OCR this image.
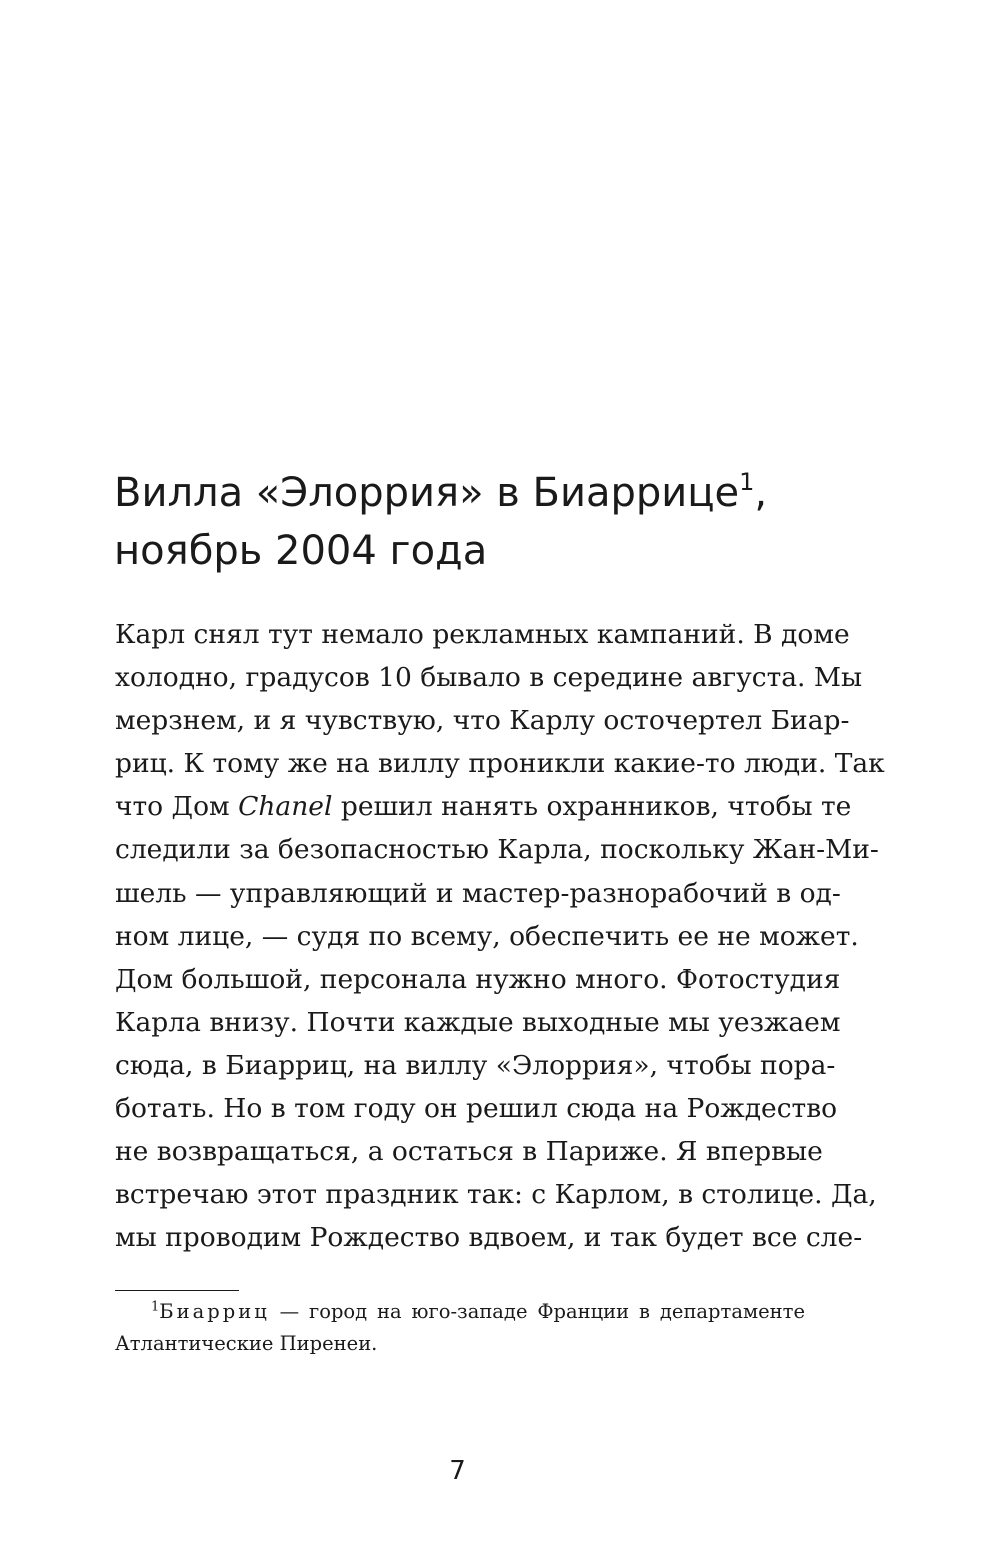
Вилла «Элоррия» в Биаррице$^1$,
ноябрь 2004 года
Карл снял тут немало рекламных кампаний. В доме
холодно, градусов 10 бывало в середине августа. Мы
мерзнем, и я чувствую, что Карлу осточертел Биар-
риц. К тому же на виллу проникли какие-то люди. Так
что Дом Chanel решил нанять охранников, чтобы те
следили за безопасностью Карла, поскольку Жан-Ми-
шель — управляющий и мастер-разнорабочий в од-
ном лице, — судя по всему, обеспечить ее не может.
Дом большой, персонала нужно много. Фотостудия
Карла внизу. Почти каждые выходные мы уезжаем
сюда, в Биарриц, на виллу «Элоррия», чтобы пора-
ботать. Но в том году он решил сюда на Рождество
не возвращаться, а остаться в Париже. Я впервые
встречаю этот праздник так: с Карлом, в столице. Да,
мы проводим Рождество вдвоем, и так будет все сле-
$^1$Биарриц — город на юго-западе Франции в департаменте
Атлантические Пиренеи.
7
